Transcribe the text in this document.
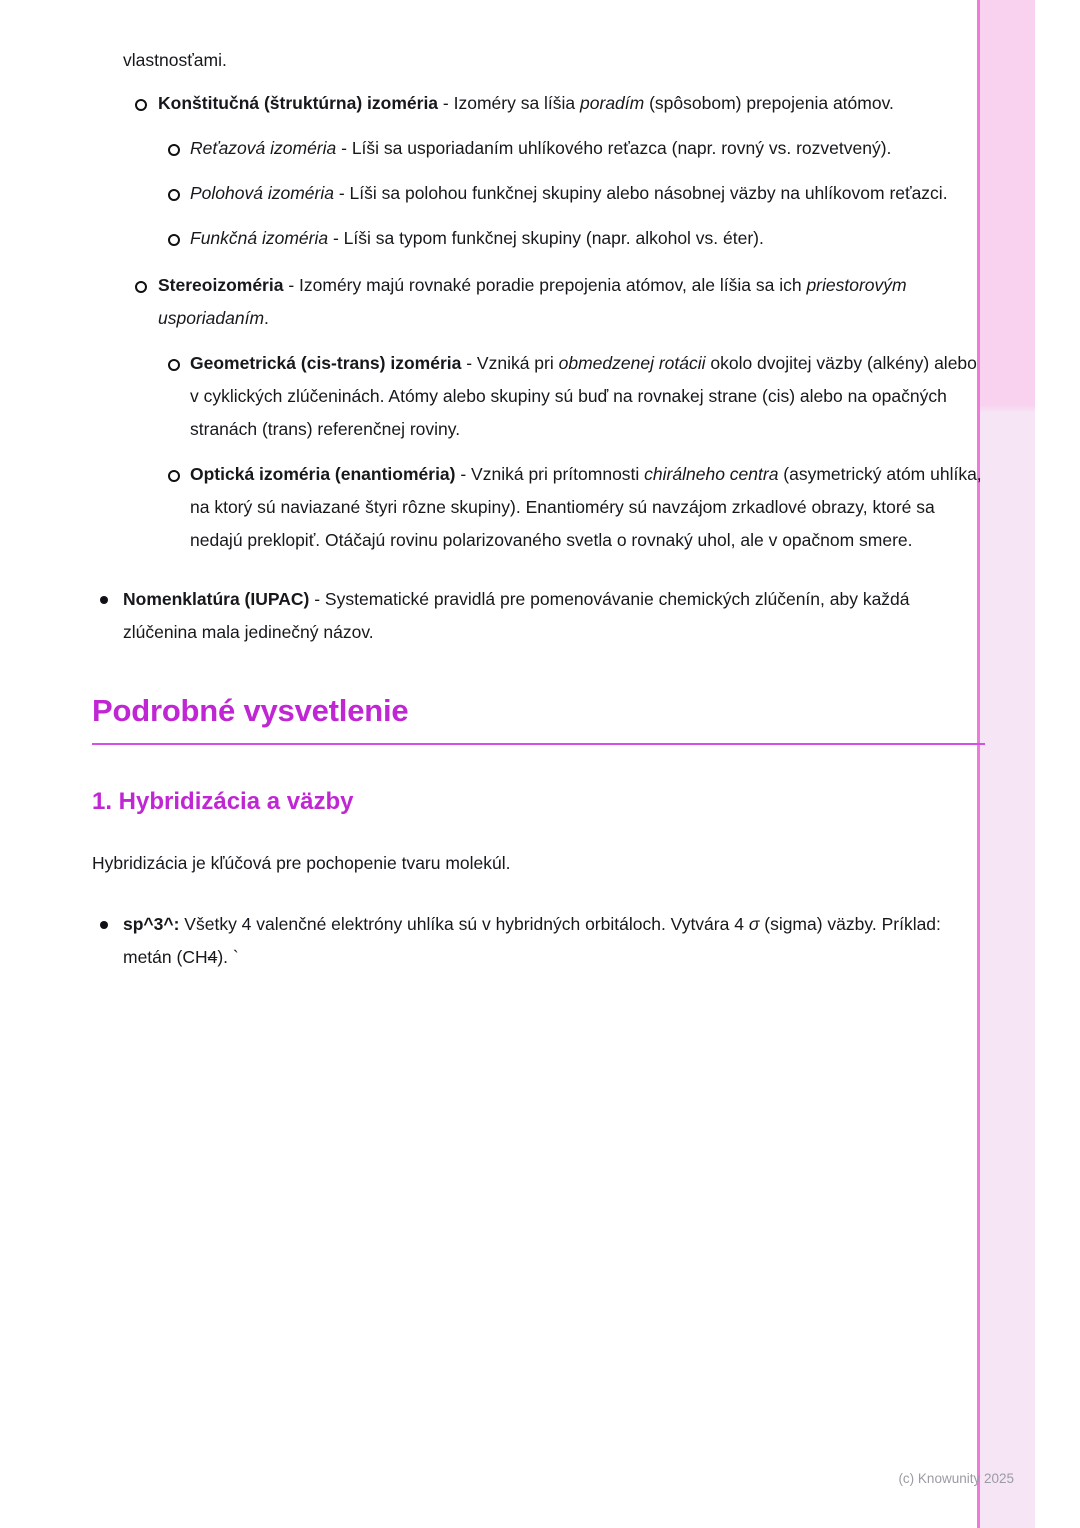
vlastnosťami.

Konštitučná (štruktúrna) izoméria - Izoméry sa líšia poradím (spôsobom) prepojenia atómov.
Reťazová izoméria - Líši sa usporiadaním uhlíkového reťazca (napr. rovný vs. rozvetvený).
Polohová izoméria - Líši sa polohou funkčnej skupiny alebo násobnej väzby na uhlíkovom reťazci.
Funkčná izoméria - Líši sa typom funkčnej skupiny (napr. alkohol vs. éter).
Stereoizoméria - Izoméry majú rovnaké poradie prepojenia atómov, ale líšia sa ich priestorovým usporiadaním.
Geometrická (cis-trans) izoméria - Vzniká pri obmedzenej rotácii okolo dvojitej väzby (alkény) alebo v cyklických zlúčeninách. Atómy alebo skupiny sú buď na rovnakej strane (cis) alebo na opačných stranách (trans) referenčnej roviny.
Optická izoméria (enantioméria) - Vzniká pri prítomnosti chirálneho centra (asymetrický atóm uhlíka, na ktorý sú naviazané štyri rôzne skupiny). Enantioméry sú navzájom zrkadlové obrazy, ktoré sa nedajú preklopiť. Otáčajú rovinu polarizovaného svetla o rovnaký uhol, ale v opačnom smere.
Nomenklatúra (IUPAC) - Systematické pravidlá pre pomenovávanie chemických zlúčenín, aby každá zlúčenina mala jedinečný názov.
Podrobné vysvetlenie
1. Hybridizácia a väzby

Hybridizácia je kľúčová pre pochopenie tvaru molekúl.

sp^3^: Všetky 4 valenčné elektróny uhlíka sú v hybridných orbitáloch. Vytvára 4 σ (sigma) väzby. Príklad: metán (CH4). `
(c) Knowunity 2025
